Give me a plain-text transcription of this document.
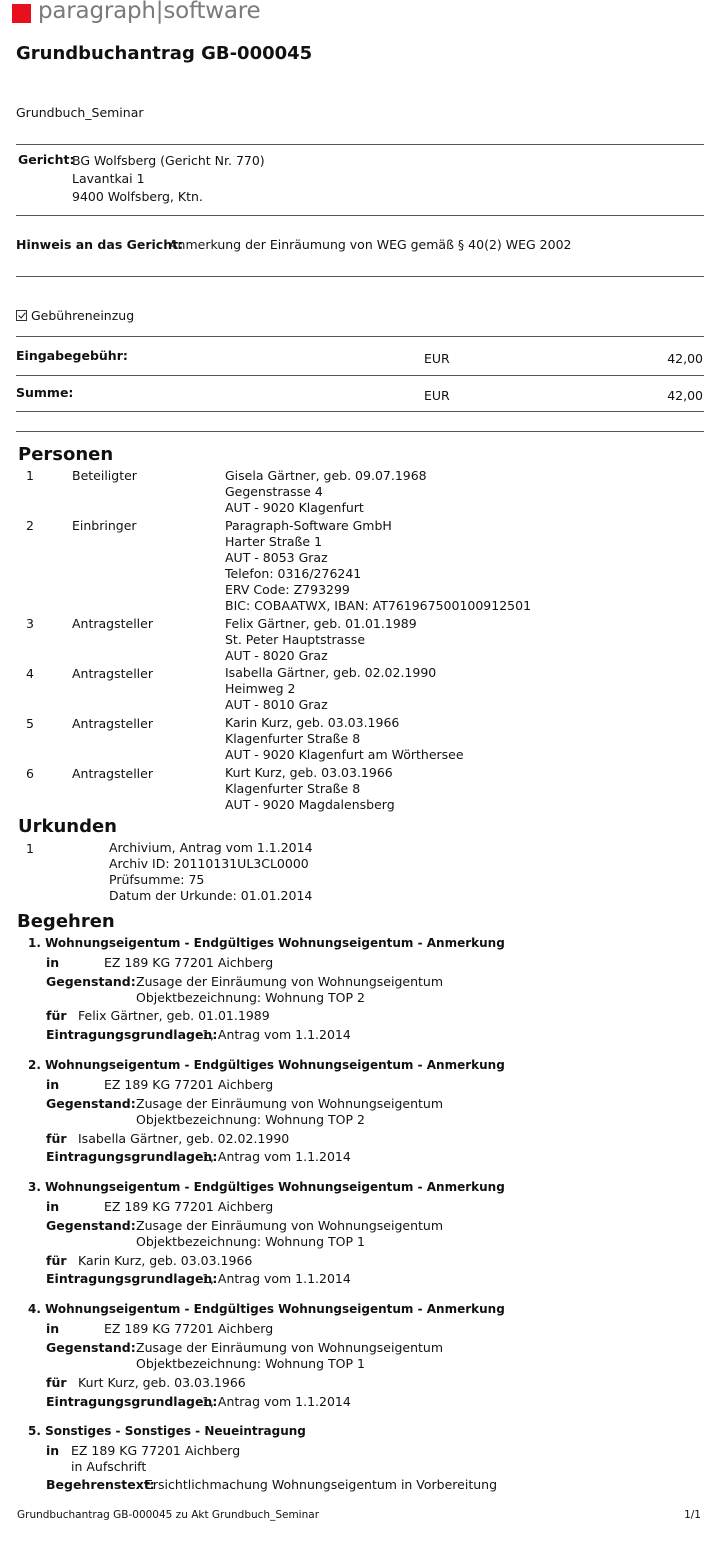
paragraph|software
Grundbuchantrag GB-000045
Grundbuch_Seminar
Gericht:
BG Wolfsberg (Gericht Nr. 770)
Lavantkai 1
9400 Wolfsberg, Ktn.
Hinweis an das Gericht:
Anmerkung der Einräumung von WEG gemäß § 40(2) WEG 2002
Gebühreneinzug
Eingabegebühr:	EUR	42,00
Summe:	EUR	42,00
Personen
1	Beteiligter	Gisela Gärtner, geb. 09.07.1968
Gegenstrasse 4
AUT - 9020 Klagenfurt
2	Einbringer	Paragraph-Software GmbH
Harter Straße 1
AUT - 8053 Graz
Telefon: 0316/276241
ERV Code: Z793299
BIC: COBAATWX, IBAN: AT761967500100912501
3	Antragsteller	Felix Gärtner, geb. 01.01.1989
St. Peter Hauptstrasse
AUT - 8020 Graz
4	Antragsteller	Isabella Gärtner, geb. 02.02.1990
Heimweg 2
AUT - 8010 Graz
5	Antragsteller	Karin Kurz, geb. 03.03.1966
Klagenfurter Straße 8
AUT - 9020 Klagenfurt am Wörthersee
6	Antragsteller	Kurt Kurz, geb. 03.03.1966
Klagenfurter Straße 8
AUT - 9020 Magdalensberg
Urkunden
1	Archivium, Antrag vom 1.1.2014
Archiv ID: 20110131UL3CL0000
Prüfsumme: 75
Datum der Urkunde: 01.01.2014
Begehren
1. Wohnungseigentum - Endgültiges Wohnungseigentum - Anmerkung
in	EZ 189 KG 77201 Aichberg
Gegenstand: Zusage der Einräumung von Wohnungseigentum
Objektbezeichnung: Wohnung TOP 2
für Felix Gärtner, geb. 01.01.1989
Eintragungsgrundlagen:
1, Antrag vom 1.1.2014
2. Wohnungseigentum - Endgültiges Wohnungseigentum - Anmerkung
in	EZ 189 KG 77201 Aichberg
Gegenstand: Zusage der Einräumung von Wohnungseigentum
Objektbezeichnung: Wohnung TOP 2
für Isabella Gärtner, geb. 02.02.1990
Eintragungsgrundlagen:
1, Antrag vom 1.1.2014
3. Wohnungseigentum - Endgültiges Wohnungseigentum - Anmerkung
in	EZ 189 KG 77201 Aichberg
Gegenstand: Zusage der Einräumung von Wohnungseigentum
Objektbezeichnung: Wohnung TOP 1
für Karin Kurz, geb. 03.03.1966
Eintragungsgrundlagen:
1, Antrag vom 1.1.2014
4. Wohnungseigentum - Endgültiges Wohnungseigentum - Anmerkung
in	EZ 189 KG 77201 Aichberg
Gegenstand: Zusage der Einräumung von Wohnungseigentum
Objektbezeichnung: Wohnung TOP 1
für Kurt Kurz, geb. 03.03.1966
Eintragungsgrundlagen:
1, Antrag vom 1.1.2014
5. Sonstiges - Sonstiges - Neueintragung
in EZ 189 KG 77201 Aichberg
in Aufschrift
Begehrenstext:
Ersichtlichmachung Wohnungseigentum in Vorbereitung
Grundbuchantrag GB-000045 zu Akt Grundbuch_Seminar	1/1
